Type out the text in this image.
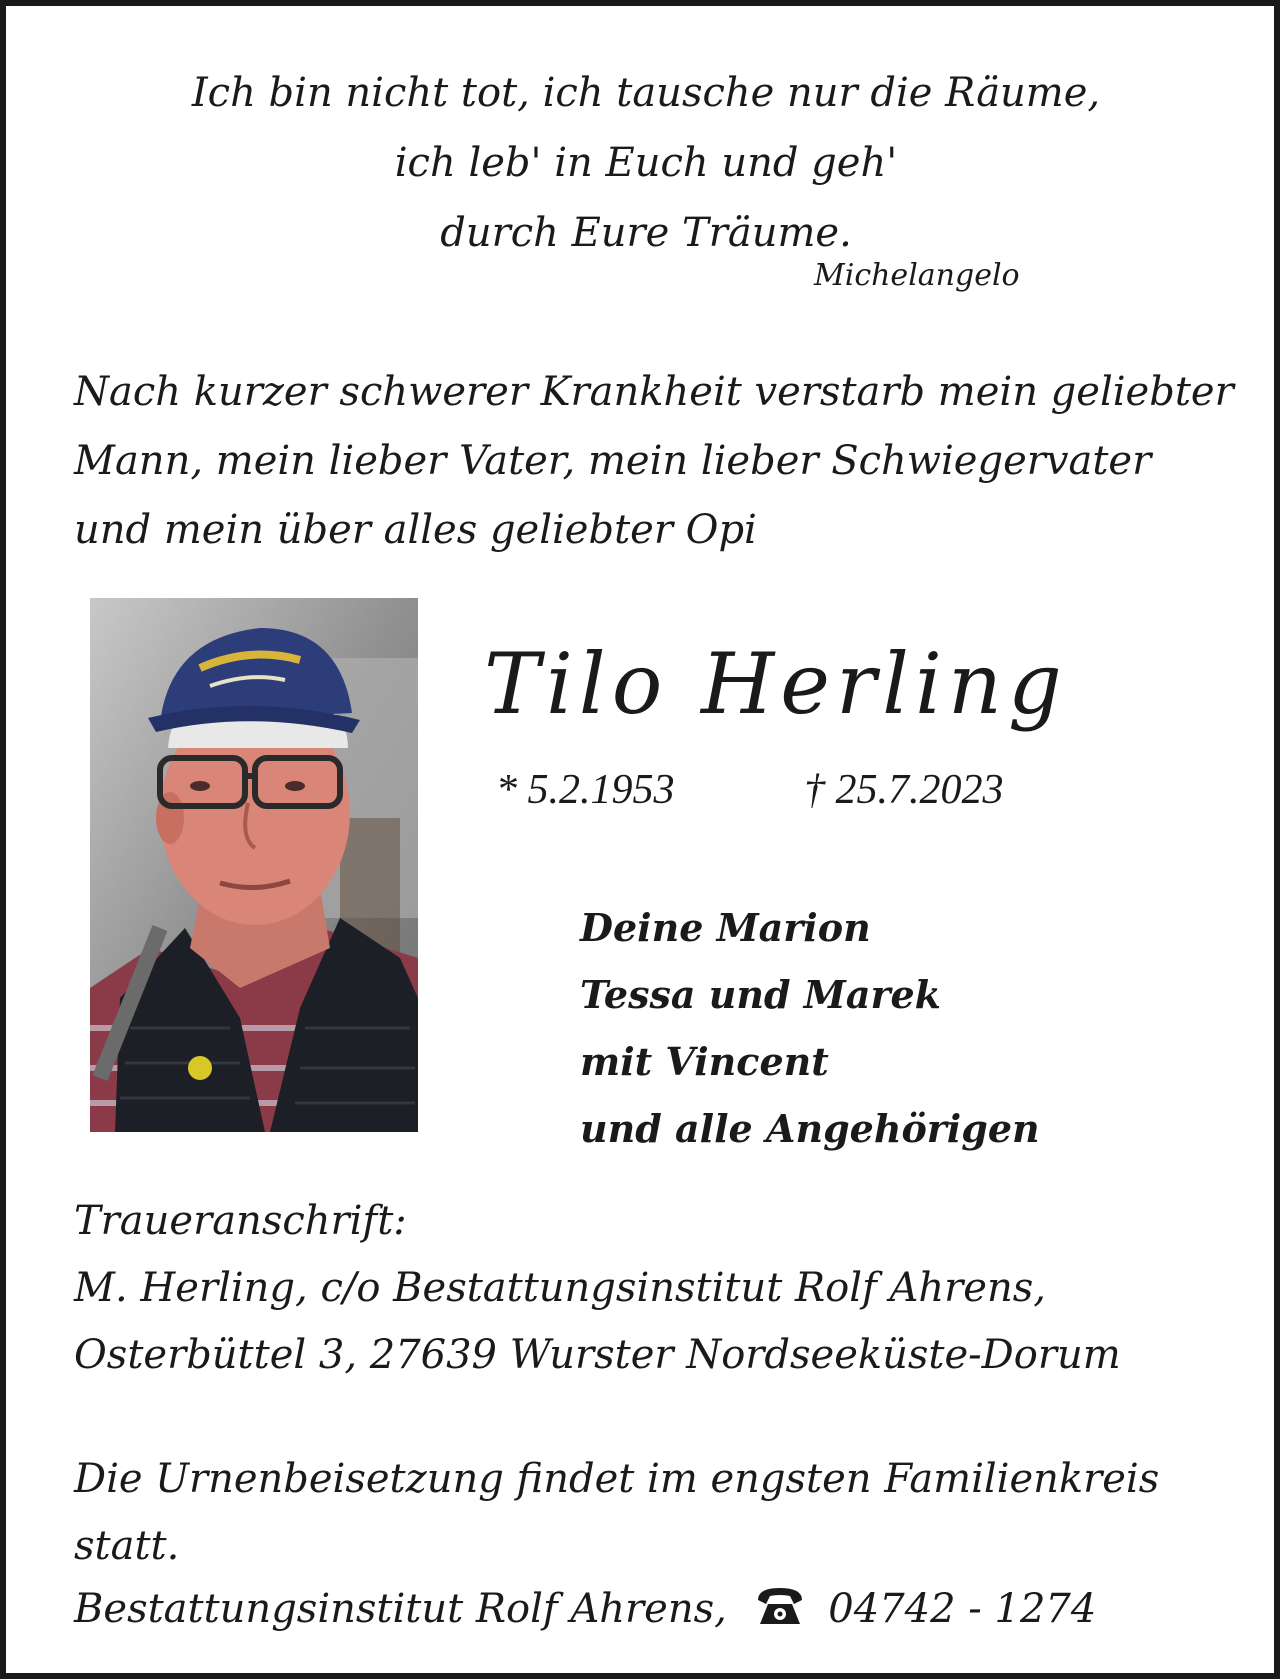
Ich bin nicht tot, ich tausche nur die Räume,
ich leb' in Euch und geh'
durch Eure Träume.
Michelangelo
Nach kurzer schwerer Krankheit verstarb mein geliebter
Mann, mein lieber Vater, mein lieber Schwiegervater
und mein über alles geliebter Opi
Tilo Herling
* 5.2.1953	† 25.7.2023
Deine Marion
Tessa und Marek
mit Vincent
und alle Angehörigen
Traueranschrift:
M. Herling, c/o Bestattungsinstitut Rolf Ahrens,
Osterbüttel 3, 27639 Wurster Nordseeküste-Dorum
Die Urnenbeisetzung findet im engsten Familienkreis statt.
Bestattungsinstitut Rolf Ahrens,	04742 - 1274
